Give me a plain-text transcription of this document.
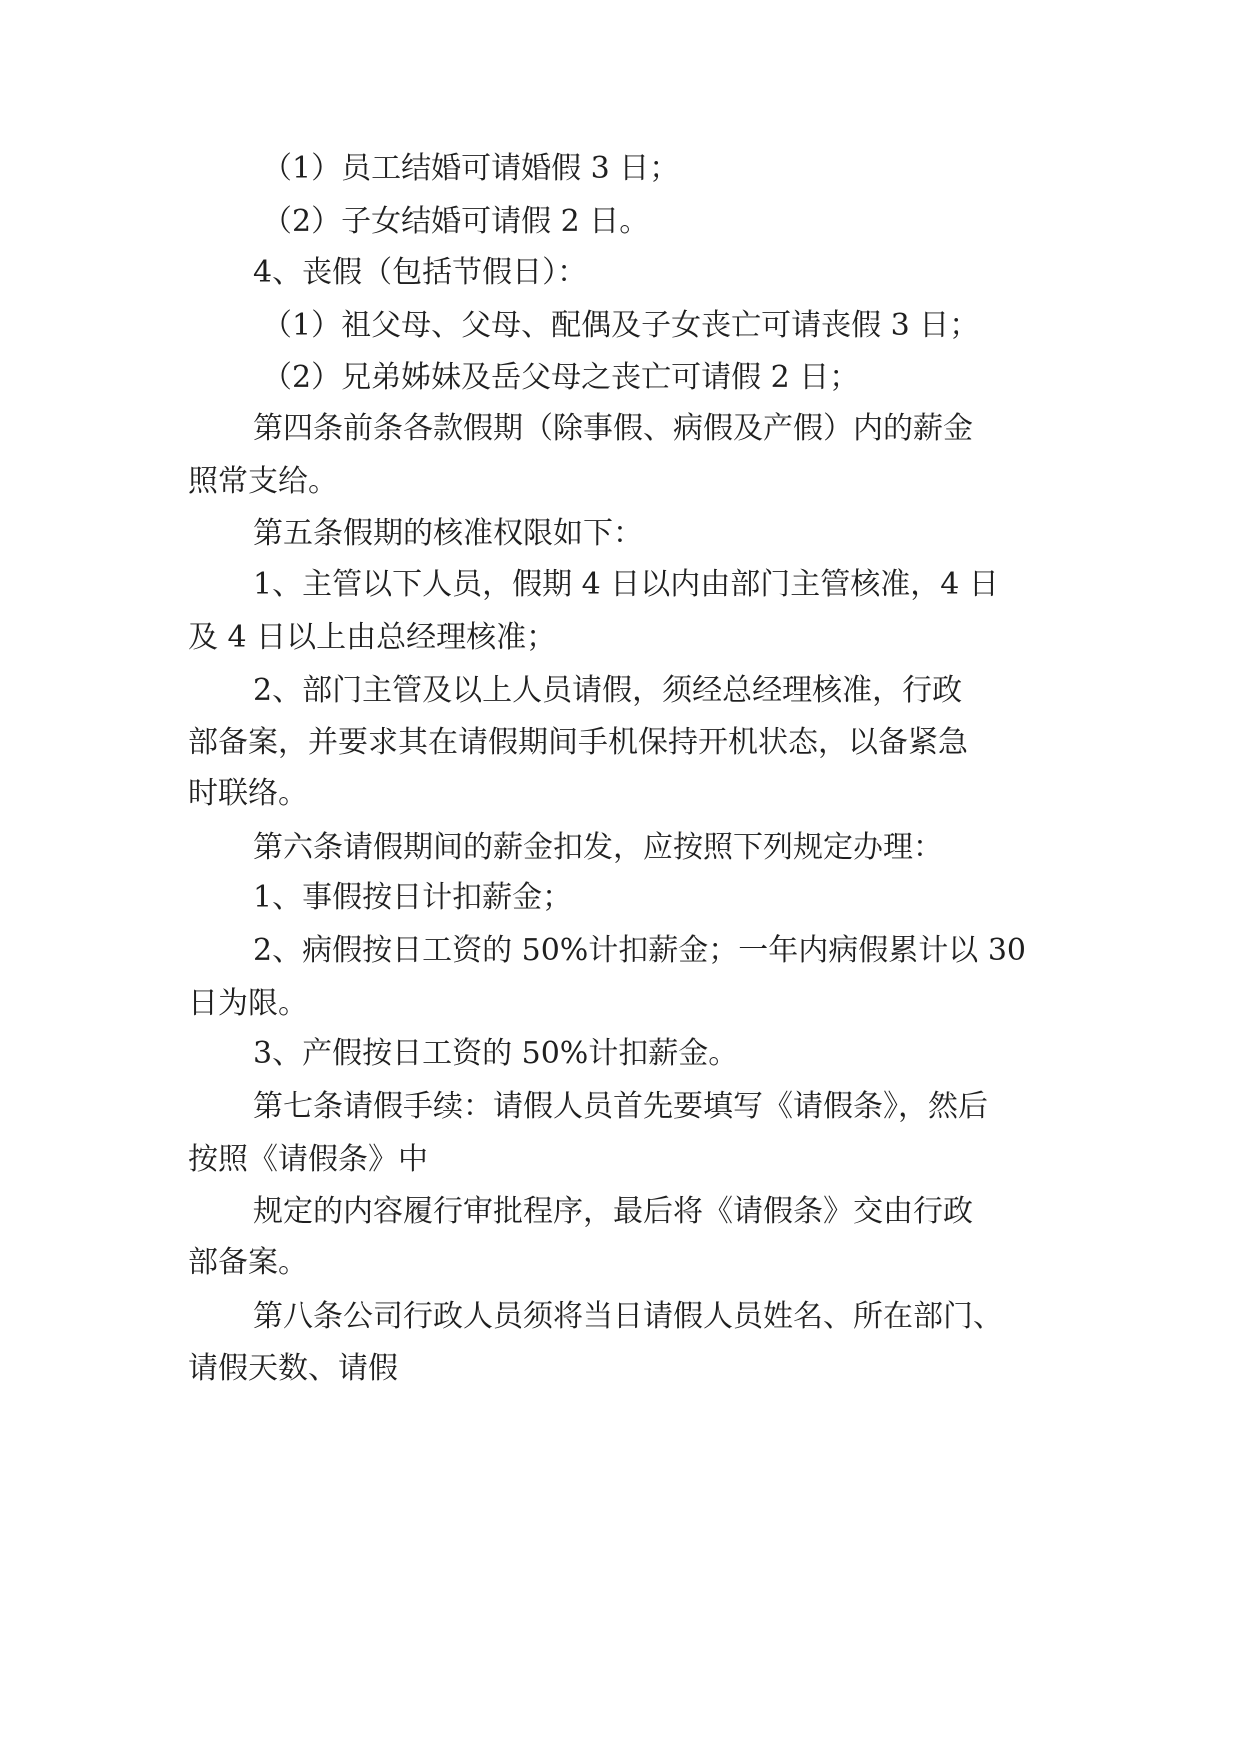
（1）员工结婚可请婚假 3 日；

（2）子女结婚可请假 2 日。

4、丧假（包括节假日）：

（1）祖父母、父母、配偶及子女丧亡可请丧假 3 日；

（2）兄弟姊妹及岳父母之丧亡可请假 2 日；

第四条前条各款假期（除事假、病假及产假）内的薪金

照常支给。

第五条假期的核准权限如下：

1、主管以下人员，假期 4 日以内由部门主管核准，4 日

及 4 日以上由总经理核准；

2、部门主管及以上人员请假，须经总经理核准，行政

部备案，并要求其在请假期间手机保持开机状态，以备紧急

时联络。

第六条请假期间的薪金扣发，应按照下列规定办理：

1、事假按日计扣薪金；

2、病假按日工资的 50%计扣薪金；一年内病假累计以 30

日为限。

3、产假按日工资的 50%计扣薪金。

第七条请假手续：请假人员首先要填写《请假条》，然后

按照《请假条》中

规定的内容履行审批程序，最后将《请假条》交由行政

部备案。

第八条公司行政人员须将当日请假人员姓名、所在部门、

请假天数、请假
